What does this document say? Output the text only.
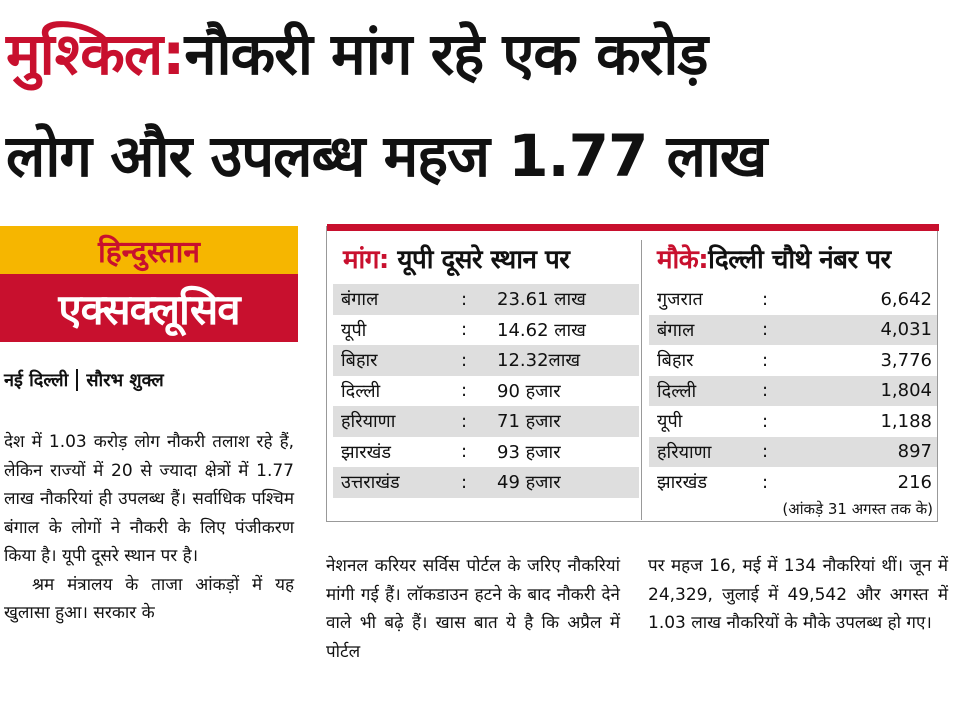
मुश्किल:नौकरी मांग रहे एक करोड़
लोग और उपलब्ध महज 1.77 लाख
हिन्दुस्तान
एक्सक्लूसिव
नई दिल्ली सौरभ शुक्ल

देश में 1.03 करोड़ लोग नौकरी तलाश रहे हैं, लेकिन राज्यों में 20 से ज्यादा क्षेत्रों में 1.77 लाख नौकरियां ही उपलब्ध हैं। सर्वाधिक पश्चिम बंगाल के लोगों ने नौकरी के लिए पंजीकरण किया है। यूपी दूसरे स्थान पर है।

श्रम मंत्रालय के ताजा आंकड़ों में यह खुलासा हुआ। सरकार के

मांग: यूपी दूसरे स्थान पर	मौके:दिल्ली चौथे नंबर पर
बंगाल	:	23.61 लाख
यूपी	:	14.62 लाख
बिहार	:	12.32लाख
दिल्ली	:	90 हजार
हरियाणा	:	71 हजार
झारखंड	:	93 हजार
उत्तराखंड	:	49 हजार
गुजरात	:	6,642
बंगाल	:	4,031
बिहार	:	3,776
दिल्ली	:	1,804
यूपी	:	1,188
हरियाणा	:	897
झारखंड	:	216
(आंकड़े 31 अगस्त तक के)

नेशनल करियर सर्विस पोर्टल के जरिए नौकरियां मांगी गई हैं। लॉकडाउन हटने के बाद नौकरी देने वाले भी बढ़े हैं। खास बात ये है कि अप्रैल में पोर्टल

पर महज 16, मई में 134 नौकरियां थीं। जून में 24,329, जुलाई में 49,542 और अगस्त में 1.03 लाख नौकरियों के मौके उपलब्ध हो गए।
